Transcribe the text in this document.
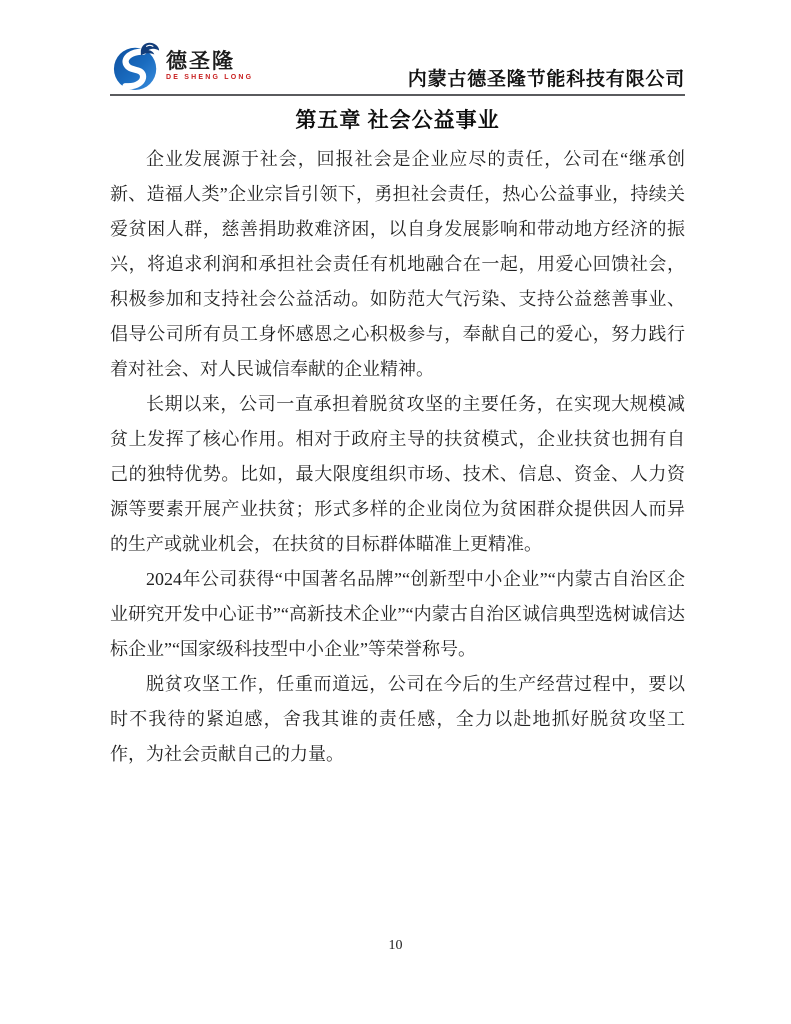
德圣隆
DE SHENG LONG	内蒙古德圣隆节能科技有限公司
第五章 社会公益事业

企业发展源于社会，回报社会是企业应尽的责任，公司在“继承创新、造福人类”企业宗旨引领下，勇担社会责任，热心公益事业，持续关爱贫困人群，慈善捐助救难济困，以自身发展影响和带动地方经济的振兴，将追求利润和承担社会责任有机地融合在一起，用爱心回馈社会，积极参加和支持社会公益活动。如防范大气污染、支持公益慈善事业、倡导公司所有员工身怀感恩之心积极参与，奉献自己的爱心，努力践行着对社会、对人民诚信奉献的企业精神。

长期以来，公司一直承担着脱贫攻坚的主要任务，在实现大规模减贫上发挥了核心作用。相对于政府主导的扶贫模式，企业扶贫也拥有自己的独特优势。比如，最大限度组织市场、技术、信息、资金、人力资源等要素开展产业扶贫；形式多样的企业岗位为贫困群众提供因人而异的生产或就业机会，在扶贫的目标群体瞄准上更精准。

2024年公司获得“中国著名品牌”“创新型中小企业”“内蒙古自治区企业研究开发中心证书”“高新技术企业”“内蒙古自治区诚信典型选树诚信达标企业”“国家级科技型中小企业”等荣誉称号。

脱贫攻坚工作，任重而道远，公司在今后的生产经营过程中，要以时不我待的紧迫感，舍我其谁的责任感，全力以赴地抓好脱贫攻坚工作，为社会贡献自己的力量。

10
